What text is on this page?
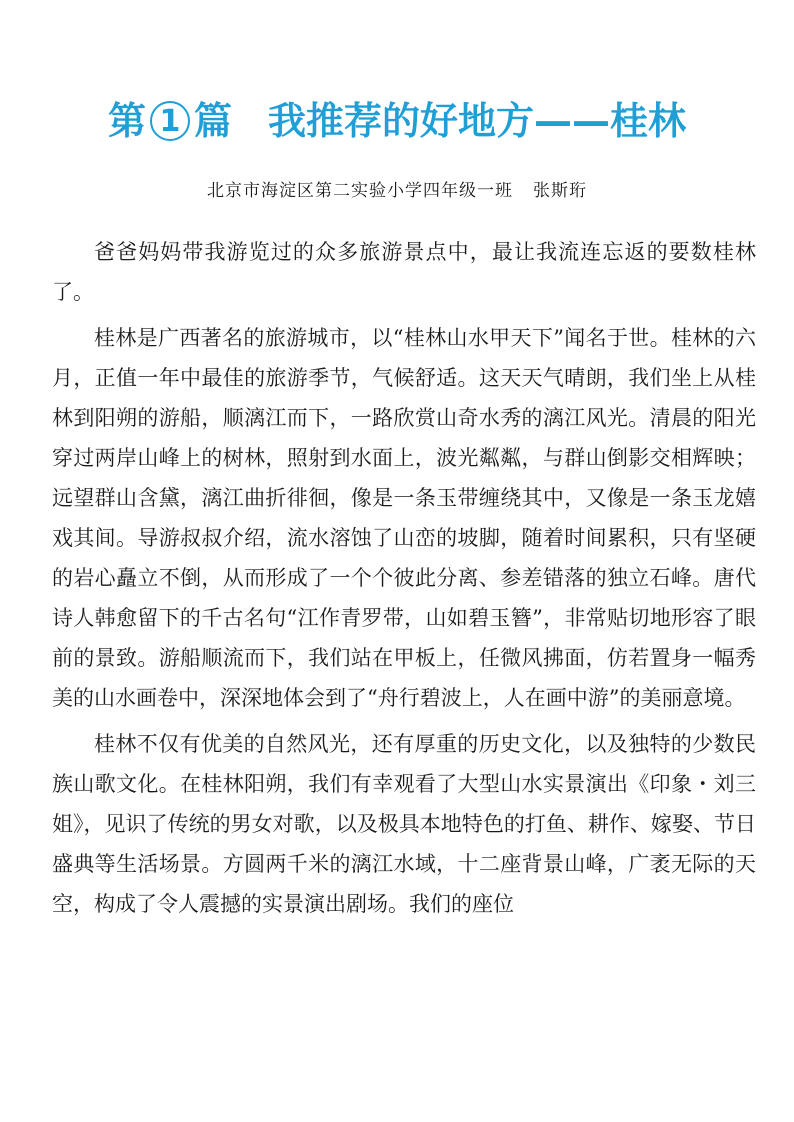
第 1 篇 我推荐的好地方——桂林
北京市海淀区第二实验小学四年级一班 张斯珩

爸爸妈妈带我游览过的众多旅游景点中，最让我流连忘返的要数桂林了。

桂林是广西著名的旅游城市，以“桂林山水甲天下”闻名于世。桂林的六月，正值一年中最佳的旅游季节，气候舒适。这天天气晴朗，我们坐上从桂林到阳朔的游船，顺漓江而下，一路欣赏山奇水秀的漓江风光。清晨的阳光穿过两岸山峰上的树林，照射到水面上，波光粼粼，与群山倒影交相辉映；远望群山含黛，漓江曲折徘徊，像是一条玉带缠绕其中，又像是一条玉龙嬉戏其间。导游叔叔介绍，流水溶蚀了山峦的坡脚，随着时间累积，只有坚硬的岩心矗立不倒，从而形成了一个个彼此分离、参差错落的独立石峰。唐代诗人韩愈留下的千古名句“江作青罗带，山如碧玉簪”，非常贴切地形容了眼前的景致。游船顺流而下，我们站在甲板上，任微风拂面，仿若置身一幅秀美的山水画卷中，深深地体会到了“舟行碧波上，人在画中游”的美丽意境。

桂林不仅有优美的自然风光，还有厚重的历史文化，以及独特的少数民族山歌文化。在桂林阳朔，我们有幸观看了大型山水实景演出《印象・刘三姐》，见识了传统的男女对歌，以及极具本地特色的打鱼、耕作、嫁娶、节日盛典等生活场景。方圆两千米的漓江水域，十二座背景山峰，广袤无际的天空，构成了令人震撼的实景演出剧场。我们的座位
